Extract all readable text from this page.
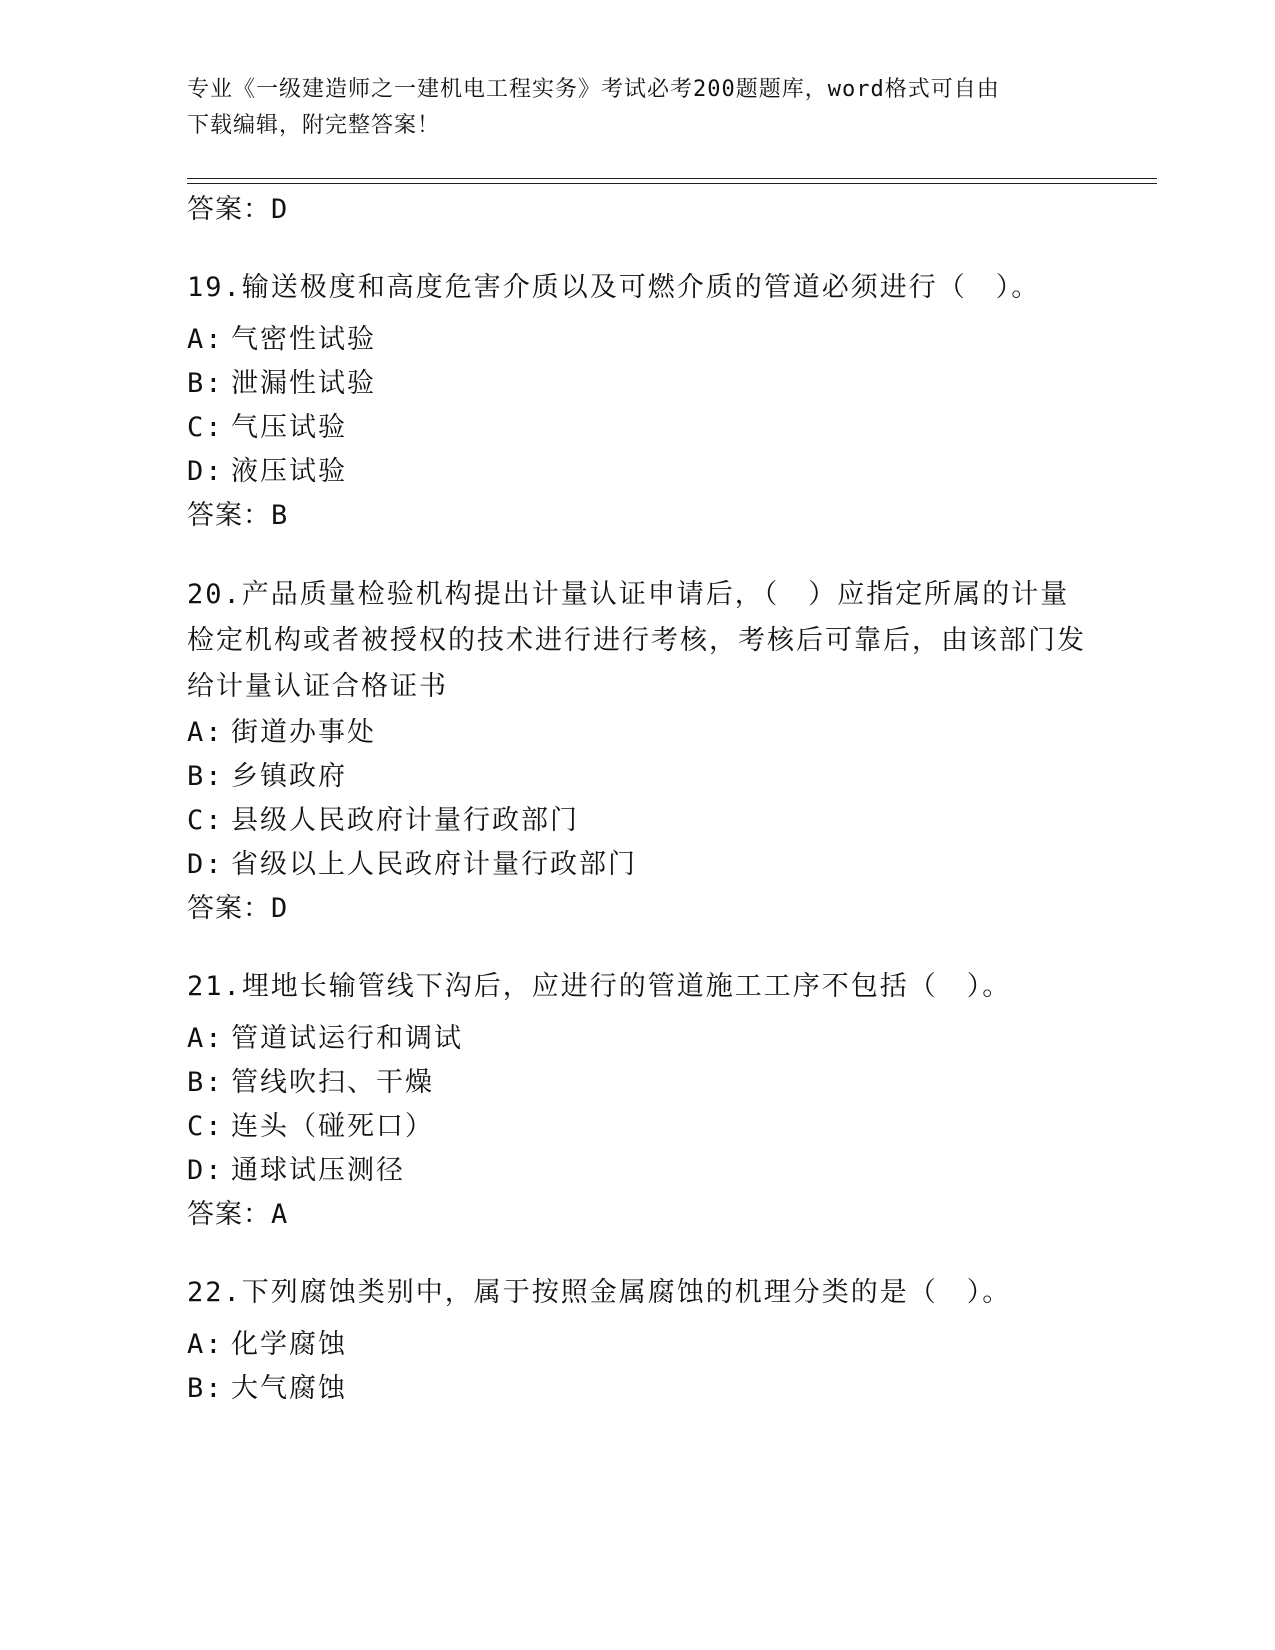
专业《一级建造师之一建机电工程实务》考试必考200题题库，word格式可自由
下载编辑，附完整答案！
答案：D
19.输送极度和高度危害介质以及可燃介质的管道必须进行（　）。
A: 气密性试验
B: 泄漏性试验
C: 气压试验
D: 液压试验
答案：B
20.产品质量检验机构提出计量认证申请后，（　）应指定所属的计量检定机构或者被授权的技术进行进行考核，考核后可靠后，由该部门发给计量认证合格证书
A: 街道办事处
B: 乡镇政府
C: 县级人民政府计量行政部门
D: 省级以上人民政府计量行政部门
答案：D
21.埋地长输管线下沟后，应进行的管道施工工序不包括（　）。
A: 管道试运行和调试
B: 管线吹扫、干燥
C: 连头（碰死口）
D: 通球试压测径
答案：A
22.下列腐蚀类别中，属于按照金属腐蚀的机理分类的是（　）。
A: 化学腐蚀
B: 大气腐蚀
